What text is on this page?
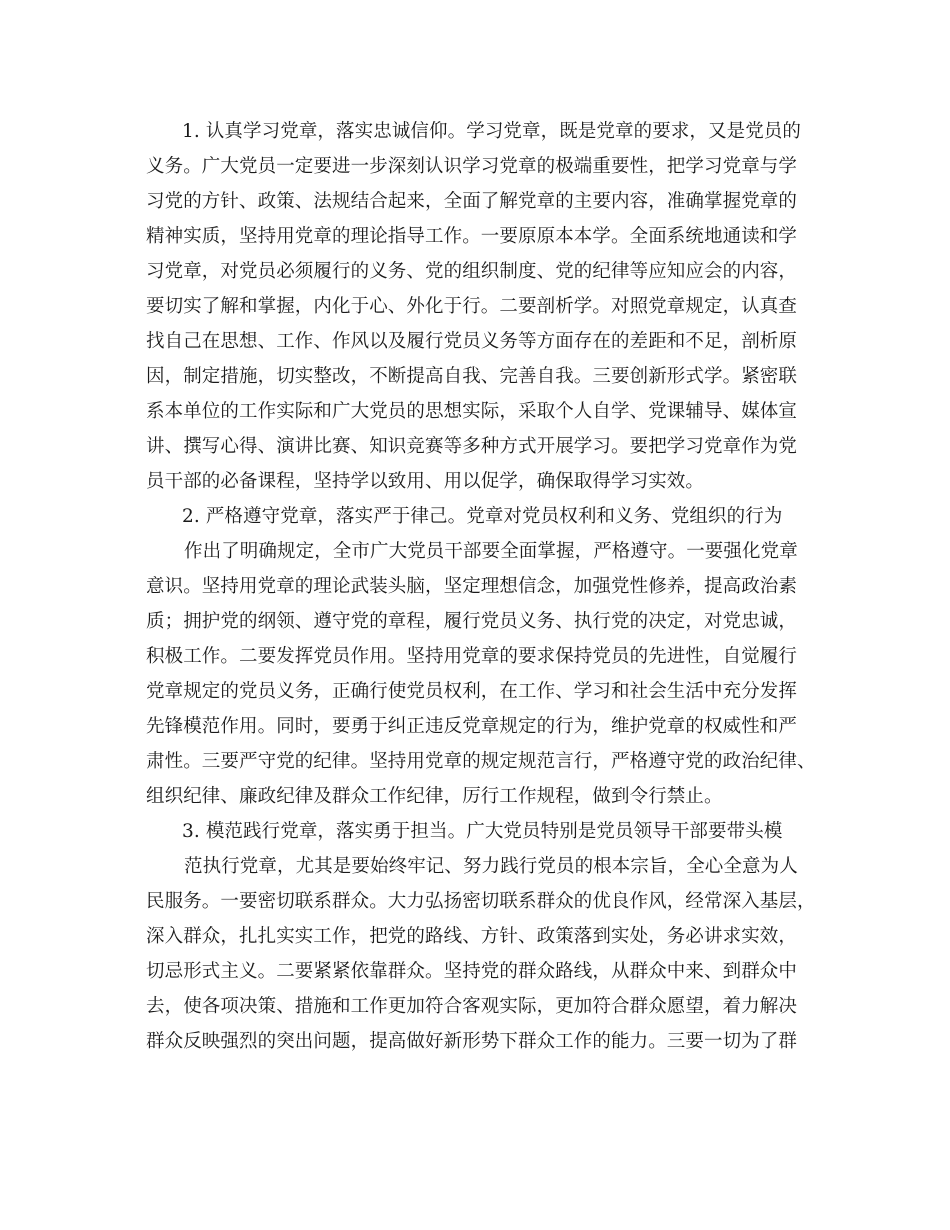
1. 认真学习党章，落实忠诚信仰。学习党章，既是党章的要求，又是党员的
义务。广大党员一定要进一步深刻认识学习党章的极端重要性，把学习党章与学
习党的方针、政策、法规结合起来，全面了解党章的主要内容，准确掌握党章的
精神实质，坚持用党章的理论指导工作。一要原原本本学。全面系统地通读和学
习党章，对党员必须履行的义务、党的组织制度、党的纪律等应知应会的内容，
要切实了解和掌握，内化于心、外化于行。二要剖析学。对照党章规定，认真查
找自己在思想、工作、作风以及履行党员义务等方面存在的差距和不足，剖析原
因，制定措施，切实整改，不断提高自我、完善自我。三要创新形式学。紧密联
系本单位的工作实际和广大党员的思想实际，采取个人自学、党课辅导、媒体宣
讲、撰写心得、演讲比赛、知识竞赛等多种方式开展学习。要把学习党章作为党
员干部的必备课程，坚持学以致用、用以促学，确保取得学习实效。
2. 严格遵守党章，落实严于律己。党章对党员权利和义务、党组织的行为
作出了明确规定，全市广大党员干部要全面掌握，严格遵守。一要强化党章
意识。坚持用党章的理论武装头脑，坚定理想信念，加强党性修养，提高政治素
质；拥护党的纲领、遵守党的章程，履行党员义务、执行党的决定，对党忠诚，
积极工作。二要发挥党员作用。坚持用党章的要求保持党员的先进性，自觉履行
党章规定的党员义务，正确行使党员权利，在工作、学习和社会生活中充分发挥
先锋模范作用。同时，要勇于纠正违反党章规定的行为，维护党章的权威性和严
肃性。三要严守党的纪律。坚持用党章的规定规范言行，严格遵守党的政治纪律、
组织纪律、廉政纪律及群众工作纪律，厉行工作规程，做到令行禁止。
3. 模范践行党章，落实勇于担当。广大党员特别是党员领导干部要带头模
范执行党章，尤其是要始终牢记、努力践行党员的根本宗旨，全心全意为人
民服务。一要密切联系群众。大力弘扬密切联系群众的优良作风，经常深入基层，
深入群众，扎扎实实工作，把党的路线、方针、政策落到实处，务必讲求实效，
切忌形式主义。二要紧紧依靠群众。坚持党的群众路线，从群众中来、到群众中
去，使各项决策、措施和工作更加符合客观实际，更加符合群众愿望，着力解决
群众反映强烈的突出问题，提高做好新形势下群众工作的能力。三要一切为了群
